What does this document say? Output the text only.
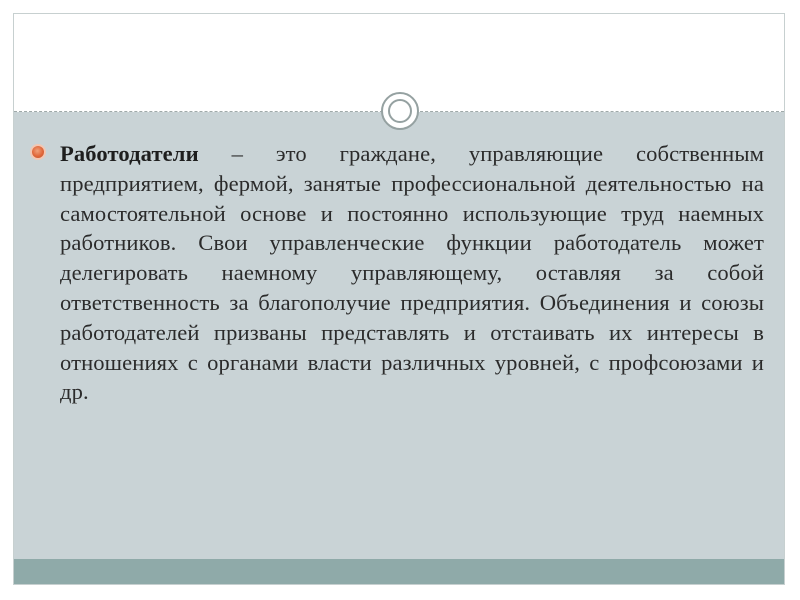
Работодатели – это граждане, управляющие собственным предприятием, фермой, занятые профессиональной деятельностью на самостоятельной основе и постоянно использующие труд наемных работников. Свои управленческие функции работодатель может делегировать наемному управляющему, оставляя за собой ответственность за благополучие предприятия. Объединения и союзы работодателей призваны представлять и отстаивать их интересы в отношениях с органами власти различных уровней, с профсоюзами и др.
